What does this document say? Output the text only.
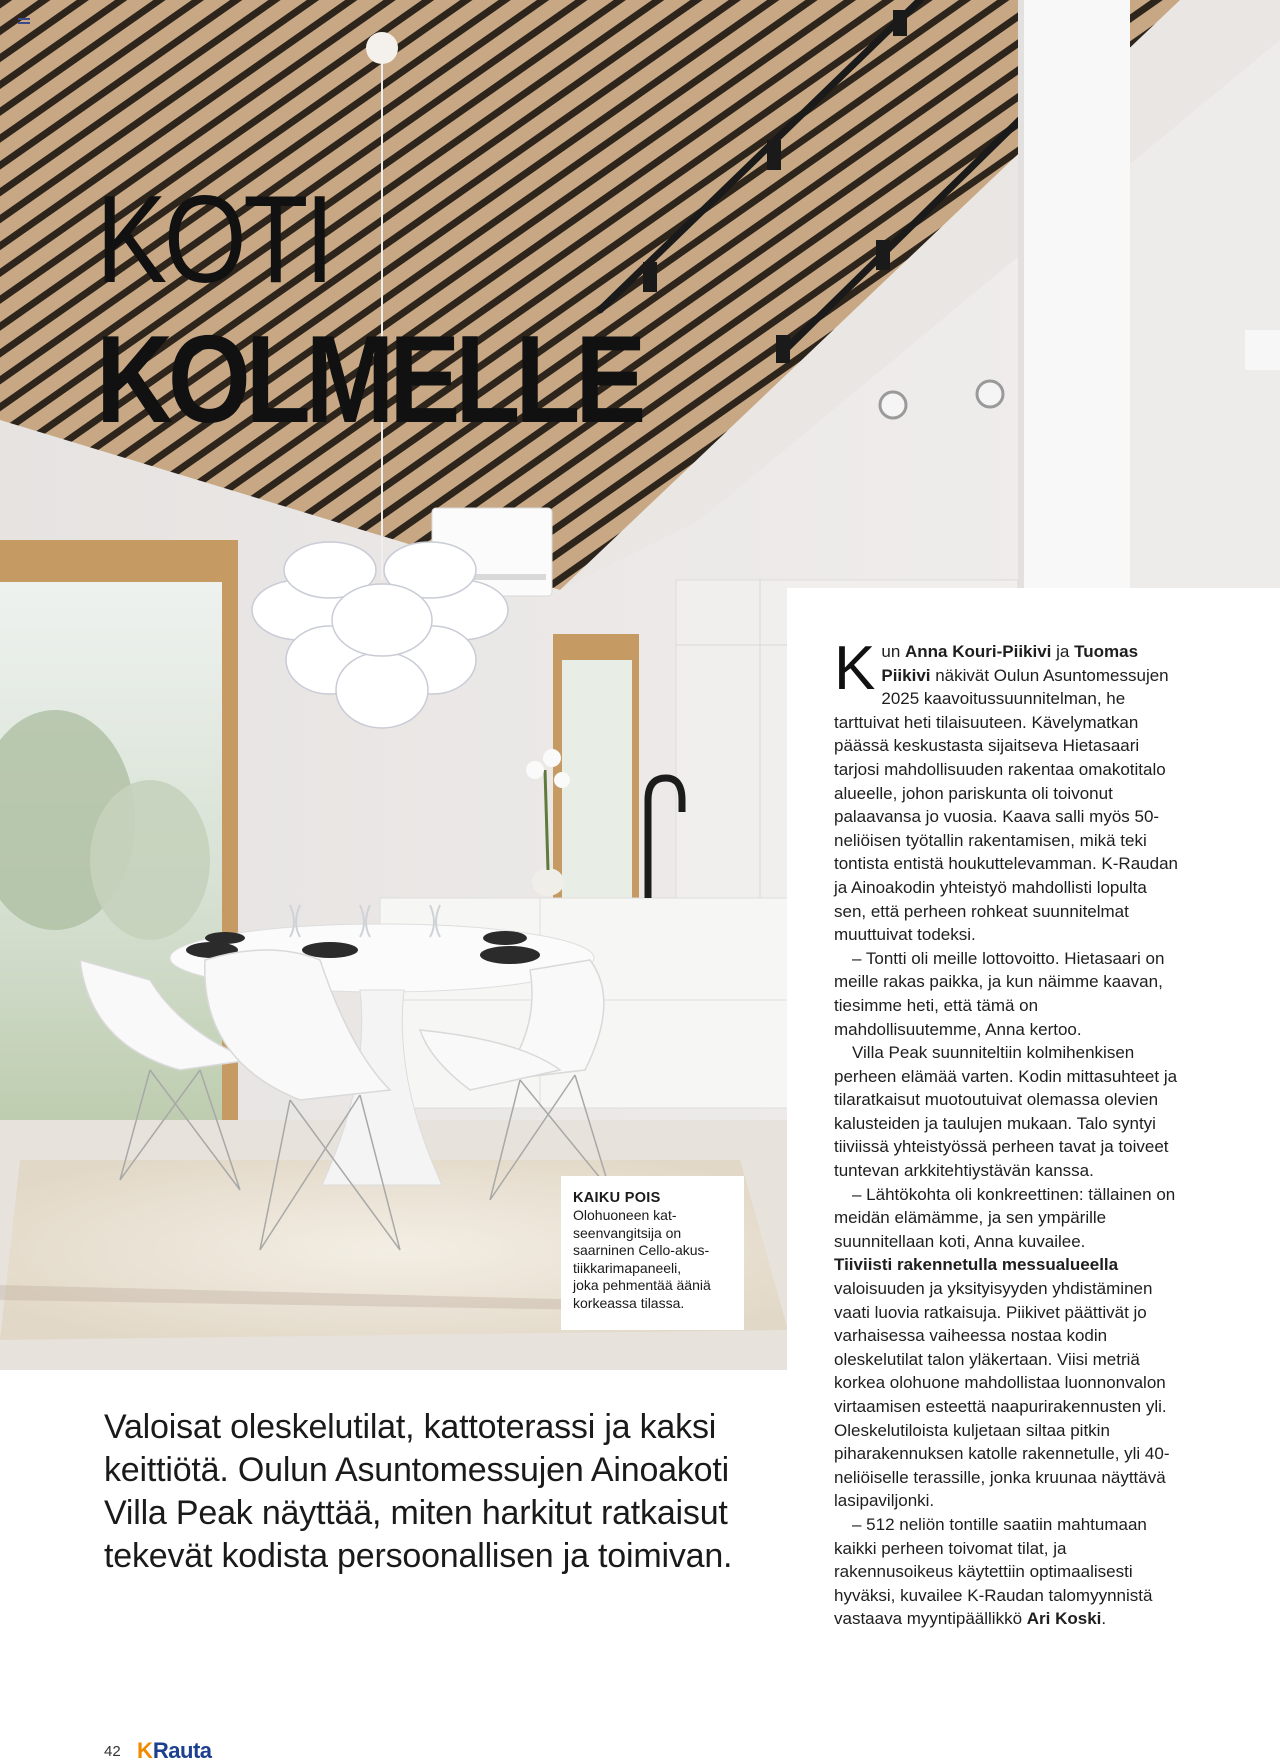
KOTI
KOLMELLE
KAIKU POIS
Olohuoneen kat-
seenvangitsija on
saarninen Cello-akus-
tiikkarimapaneeli,
joka pehmentää ääniä
korkeassa tilassa.

Kun Anna Kouri-Piikivi ja Tuomas Piikivi näkivät Oulun Asuntomessujen 2025 kaavoitussuunnitelman, he tarttuivat heti tilaisuuteen. Kävelymatkan päässä keskustasta sijaitseva Hietasaari tarjosi mahdollisuuden rakentaa omakotitalo alueelle, johon pariskunta oli toivonut palaavansa jo vuosia. Kaava salli myös 50-neliöisen työtallin rakentamisen, mikä teki tontista entistä houkuttelevamman. K-Raudan ja Ainoakodin yhteistyö mahdollisti lopulta sen, että perheen rohkeat suunnitelmat muuttuivat todeksi.

– Tontti oli meille lottovoitto. Hietasaari on meille rakas paikka, ja kun näimme kaavan, tiesimme heti, että tämä on mahdollisuutemme, Anna kertoo.

Villa Peak suunniteltiin kolmihenkisen perheen elämää varten. Kodin mittasuhteet ja tilaratkaisut muotoutuivat olemassa olevien kalusteiden ja taulujen mukaan. Talo syntyi tiiviissä yhteistyössä perheen tavat ja toiveet tuntevan arkkitehtiystävän kanssa.

– Lähtökohta oli konkreettinen: tällainen on meidän elämämme, ja sen ympärille suunnitellaan koti, Anna kuvailee.

Tiiviisti rakennetulla messualueella

valoisuuden ja yksityisyyden yhdistäminen vaati luovia ratkaisuja. Piikivet päättivät jo varhaisessa vaiheessa nostaa kodin oleskelutilat talon yläkertaan. Viisi metriä korkea olohuone mahdollistaa luonnonvalon virtaamisen esteettä naapurirakennusten yli. Oleskelutiloista kuljetaan siltaa pitkin piharakennuksen katolle rakennetulle, yli 40-neliöiselle terassille, jonka kruunaa näyttävä lasipaviljonki.

– 512 neliön tontille saatiin mahtumaan kaikki perheen toivomat tilat, ja rakennusoikeus käytettiin optimaalisesti hyväksi, kuvailee K-Raudan talomyynnistä vastaava myyntipäällikkö Ari Koski.

Valoisat oleskelutilat, kattoterassi ja kaksi keittiötä. Oulun Asuntomessujen Ainoakoti Villa Peak näyttää, miten harkitut ratkaisut tekevät kodista persoonallisen ja toimivan.
42 K Rauta
